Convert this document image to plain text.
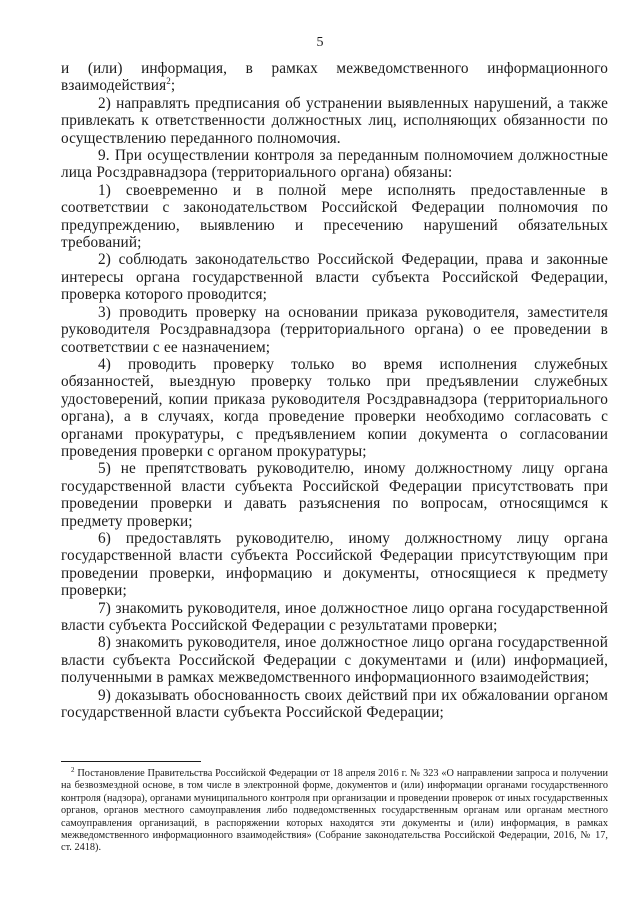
5

и (или) информация, в рамках межведомственного информационного
взаимодействия$^2$;

2) направлять предписания об устранении выявленных нарушений, а также привлекать к ответственности должностных лиц, исполняющих обязанности по осуществлению переданного полномочия.

9. При осуществлении контроля за переданным полномочием должностные лица Росздравнадзора (территориального органа) обязаны:

1) своевременно и в полной мере исполнять предоставленные в соответствии с законодательством Российской Федерации полномочия по предупреждению, выявлению и пресечению нарушений обязательных требований;

2) соблюдать законодательство Российской Федерации, права и законные интересы органа государственной власти субъекта Российской Федерации, проверка которого проводится;

3) проводить проверку на основании приказа руководителя, заместителя руководителя Росздравнадзора (территориального органа) о ее проведении в соответствии с ее назначением;

4) проводить проверку только во время исполнения служебных обязанностей, выездную проверку только при предъявлении служебных удостоверений, копии приказа руководителя Росздравнадзора (территориального органа), а в случаях, когда проведение проверки необходимо согласовать с органами прокуратуры, с предъявлением копии документа о согласовании проведения проверки с органом прокуратуры;

5) не препятствовать руководителю, иному должностному лицу органа государственной власти субъекта Российской Федерации присутствовать при проведении проверки и давать разъяснения по вопросам, относящимся к предмету проверки;

6) предоставлять руководителю, иному должностному лицу органа государственной власти субъекта Российской Федерации присутствующим при проведении проверки, информацию и документы, относящиеся к предмету проверки;

7) знакомить руководителя, иное должностное лицо органа государственной власти субъекта Российской Федерации с результатами проверки;

8) знакомить руководителя, иное должностное лицо органа государственной власти субъекта Российской Федерации с документами и (или) информацией, полученными в рамках межведомственного информационного взаимодействия;

9) доказывать обоснованность своих действий при их обжаловании органом государственной власти субъекта Российской Федерации;

$^2$ Постановление Правительства Российской Федерации от 18 апреля 2016 г. № 323 «О направлении запроса и получении на безвозмездной основе, в том числе в электронной форме, документов и (или) информации органами государственного контроля (надзора), органами муниципального контроля при организации и проведении проверок от иных государственных органов, органов местного самоуправления либо подведомственных государственным органам или органам местного самоуправления организаций, в распоряжении которых находятся эти документы и (или) информация, в рамках межведомственного информационного взаимодействия» (Собрание законодательства Российской Федерации, 2016, № 17, ст. 2418).
